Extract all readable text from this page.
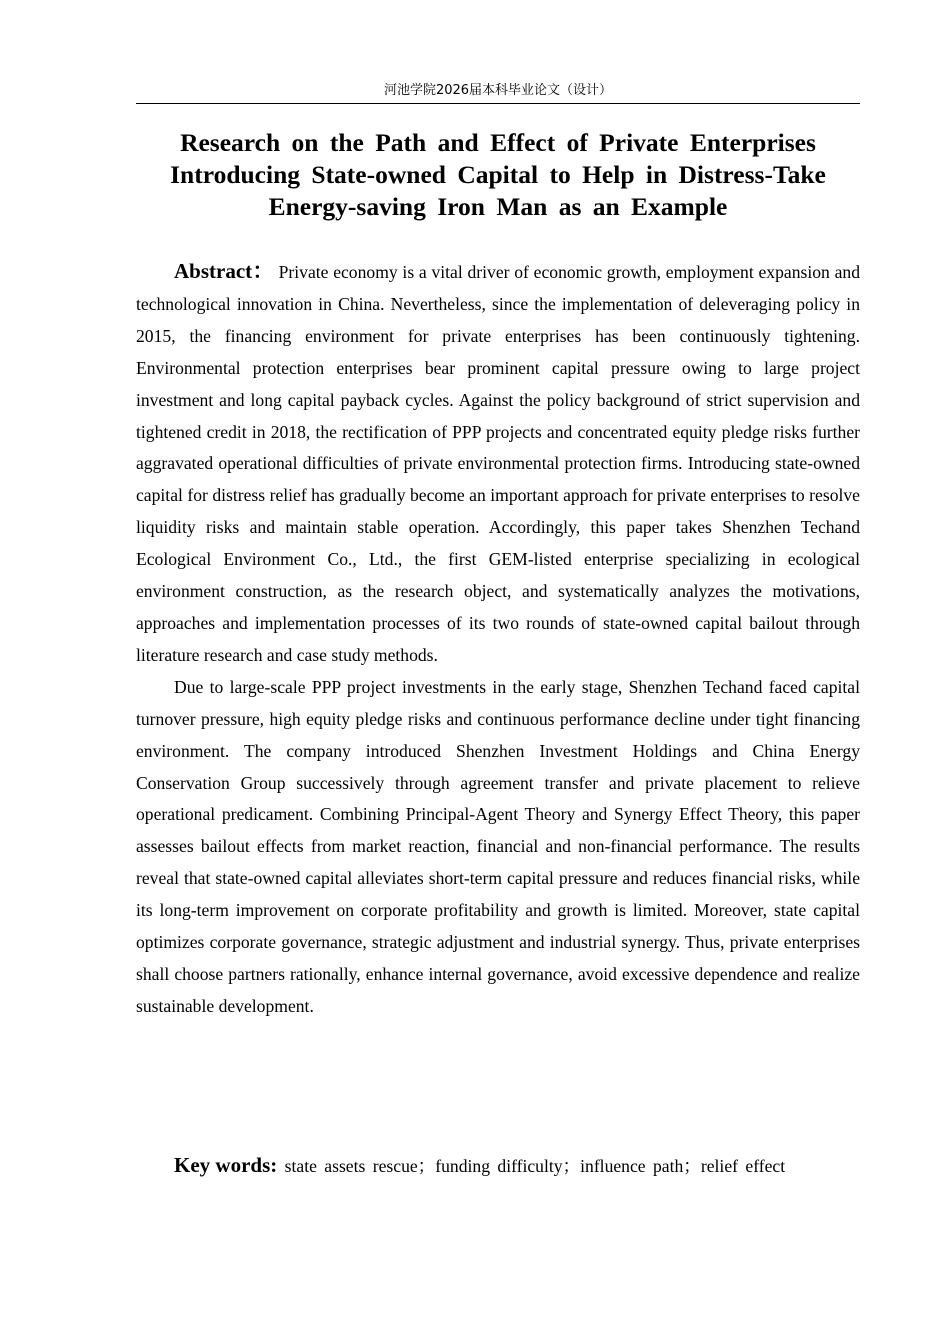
河池学院2026届本科毕业论文（设计）
Research on the Path and Effect of Private Enterprises Introducing State-owned Capital to Help in Distress-Take Energy-saving Iron Man as an Example

Abstract： Private economy is a vital driver of economic growth, employment expansion and technological innovation in China. Nevertheless, since the implementation of deleveraging policy in 2015, the financing environment for private enterprises has been continuously tightening. Environmental protection enterprises bear prominent capital pressure owing to large project investment and long capital payback cycles. Against the policy background of strict supervision and tightened credit in 2018, the rectification of PPP projects and concentrated equity pledge risks further aggravated operational difficulties of private environmental protection firms. Introducing state-owned capital for distress relief has gradually become an important approach for private enterprises to resolve liquidity risks and maintain stable operation. Accordingly, this paper takes Shenzhen Techand Ecological Environment Co., Ltd., the first GEM-listed enterprise specializing in ecological environment construction, as the research object, and systematically analyzes the motivations, approaches and implementation processes of its two rounds of state-owned capital bailout through literature research and case study methods.

Due to large-scale PPP project investments in the early stage, Shenzhen Techand faced capital turnover pressure, high equity pledge risks and continuous performance decline under tight financing environment. The company introduced Shenzhen Investment Holdings and China Energy Conservation Group successively through agreement transfer and private placement to relieve operational predicament. Combining Principal-Agent Theory and Synergy Effect Theory, this paper assesses bailout effects from market reaction, financial and non-financial performance. The results reveal that state-owned capital alleviates short-term capital pressure and reduces financial risks, while its long-term improvement on corporate profitability and growth is limited. Moreover, state capital optimizes corporate governance, strategic adjustment and industrial synergy. Thus, private enterprises shall choose partners rationally, enhance internal governance, avoid excessive dependence and realize sustainable development.

Key words: state assets rescue；funding difficulty；influence path；relief effect
